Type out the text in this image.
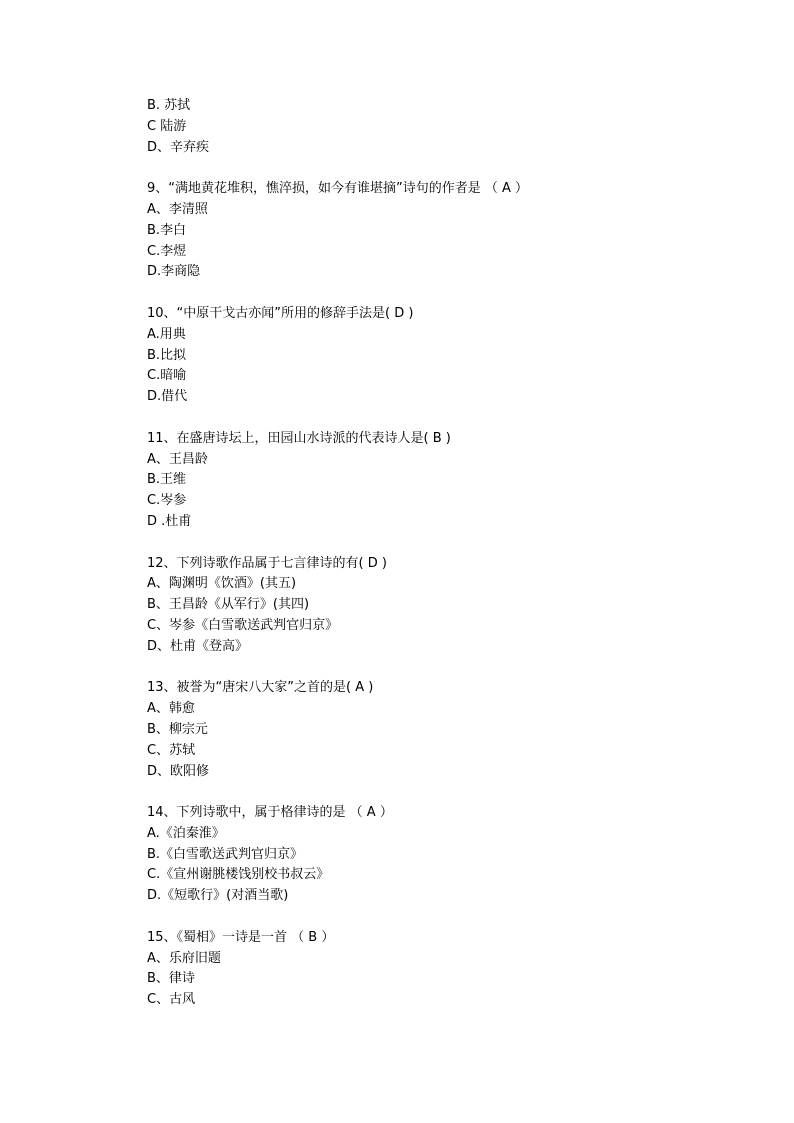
B. 苏拭
C 陆游
D、辛弃疾
9、“满地黄花堆积，憔淬损，如今有谁堪摘”诗句的作者是 （ A ）
A、李清照
B.李白
C.李煜
D.李商隐
10、“中原干戈古亦闻”所用的修辞手法是( D )
A.用典
B.比拟
C.暗喻
D.借代
11、在盛唐诗坛上，田园山水诗派的代表诗人是( B )
A、王昌龄
B.王维
C.岑参
D .杜甫
12、下列诗歌作品属于七言律诗的有( D )
A、陶渊明《饮酒》(其五)
B、王昌龄《从军行》(其四)
C、岑参《白雪歌送武判官归京》
D、杜甫《登高》
13、被誉为“唐宋八大家”之首的是( A )
A、韩愈
B、柳宗元
C、苏轼
D、欧阳修
14、下列诗歌中，属于格律诗的是 （ A ）
A.《泊秦淮》
B.《白雪歌送武判官归京》
C.《宣州谢朓楼饯别校书叔云》
D.《短歌行》(对酒当歌)
15、《蜀相》一诗是一首 （ B ）
A、乐府旧题
B、律诗
C、古风
